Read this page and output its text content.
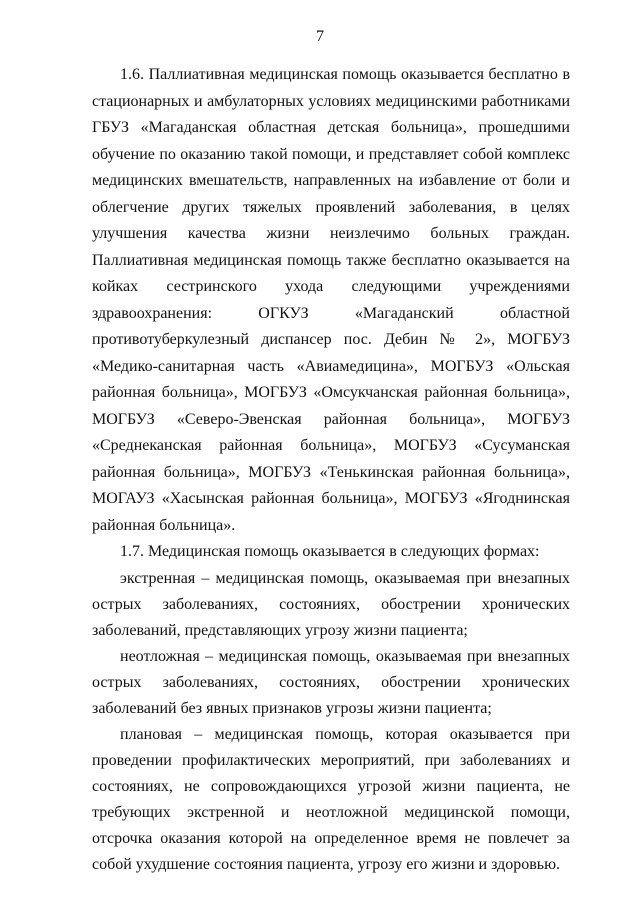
7

1.6. Паллиативная медицинская помощь оказывается бесплатно в стационарных и амбулаторных условиях медицинскими работниками ГБУЗ «Магаданская областная детская больница», прошедшими обучение по оказанию такой помощи, и представляет собой комплекс медицинских вмешательств, направленных на избавление от боли и облегчение других тяжелых проявлений заболевания, в целях улучшения качества жизни неизлечимо больных граждан. Паллиативная медицинская помощь также бесплатно оказывается на койках сестринского ухода следующими учреждениями здравоохранения: ОГКУЗ «Магаданский областной противотуберкулезный диспансер пос. Дебин № 2», МОГБУЗ «Медико-санитарная часть «Авиамедицина», МОГБУЗ «Ольская районная больница», МОГБУЗ «Омсукчанская районная больница», МОГБУЗ «Северо-Эвенская районная больница», МОГБУЗ «Среднеканская районная больница», МОГБУЗ «Сусуманская районная больница», МОГБУЗ «Тенькинская районная больница», МОГАУЗ «Хасынская районная больница», МОГБУЗ «Ягоднинская районная больница».

1.7. Медицинская помощь оказывается в следующих формах:

экстренная – медицинская помощь, оказываемая при внезапных острых заболеваниях, состояниях, обострении хронических заболеваний, представляющих угрозу жизни пациента;

неотложная – медицинская помощь, оказываемая при внезапных острых заболеваниях, состояниях, обострении хронических заболеваний без явных признаков угрозы жизни пациента;

плановая – медицинская помощь, которая оказывается при проведении профилактических мероприятий, при заболеваниях и состояниях, не сопровождающихся угрозой жизни пациента, не требующих экстренной и неотложной медицинской помощи, отсрочка оказания которой на определенное время не повлечет за собой ухудшение состояния пациента, угрозу его жизни и здоровью.
